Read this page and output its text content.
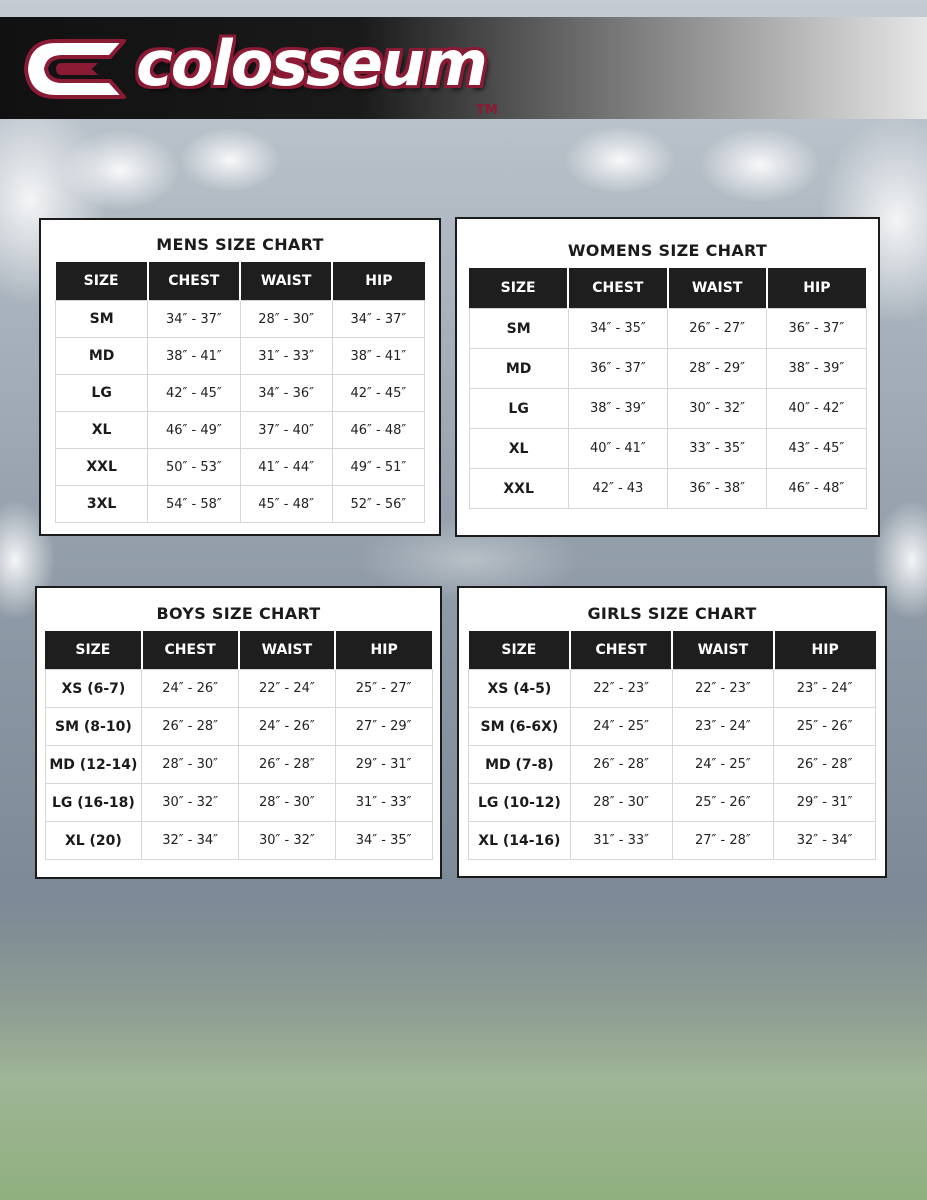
colosseum
TM
MENS SIZE CHART
SIZE	CHEST	WAIST	HIP
SM	34″ - 37″	28″ - 30″	34″ - 37″
MD	38″ - 41″	31″ - 33″	38″ - 41″
LG	42″ - 45″	34″ - 36″	42″ - 45″
XL	46″ - 49″	37″ - 40″	46″ - 48″
XXL	50″ - 53″	41″ - 44″	49″ - 51″
3XL	54″ - 58″	45″ - 48″	52″ - 56″
WOMENS SIZE CHART
SIZE	CHEST	WAIST	HIP
SM	34″ - 35″	26″ - 27″	36″ - 37″
MD	36″ - 37″	28″ - 29″	38″ - 39″
LG	38″ - 39″	30″ - 32″	40″ - 42″
XL	40″ - 41″	33″ - 35″	43″ - 45″
XXL	42″ - 43	36″ - 38″	46″ - 48″
BOYS SIZE CHART
SIZE	CHEST	WAIST	HIP
XS (6-7)	24″ - 26″	22″ - 24″	25″ - 27″
SM (8-10)	26″ - 28″	24″ - 26″	27″ - 29″
MD (12-14)	28″ - 30″	26″ - 28″	29″ - 31″
LG (16-18)	30″ - 32″	28″ - 30″	31″ - 33″
XL (20)	32″ - 34″	30″ - 32″	34″ - 35″
GIRLS SIZE CHART
SIZE	CHEST	WAIST	HIP
XS (4-5)	22″ - 23″	22″ - 23″	23″ - 24″
SM (6-6X)	24″ - 25″	23″ - 24″	25″ - 26″
MD (7-8)	26″ - 28″	24″ - 25″	26″ - 28″
LG (10-12)	28″ - 30″	25″ - 26″	29″ - 31″
XL (14-16)	31″ - 33″	27″ - 28″	32″ - 34″
